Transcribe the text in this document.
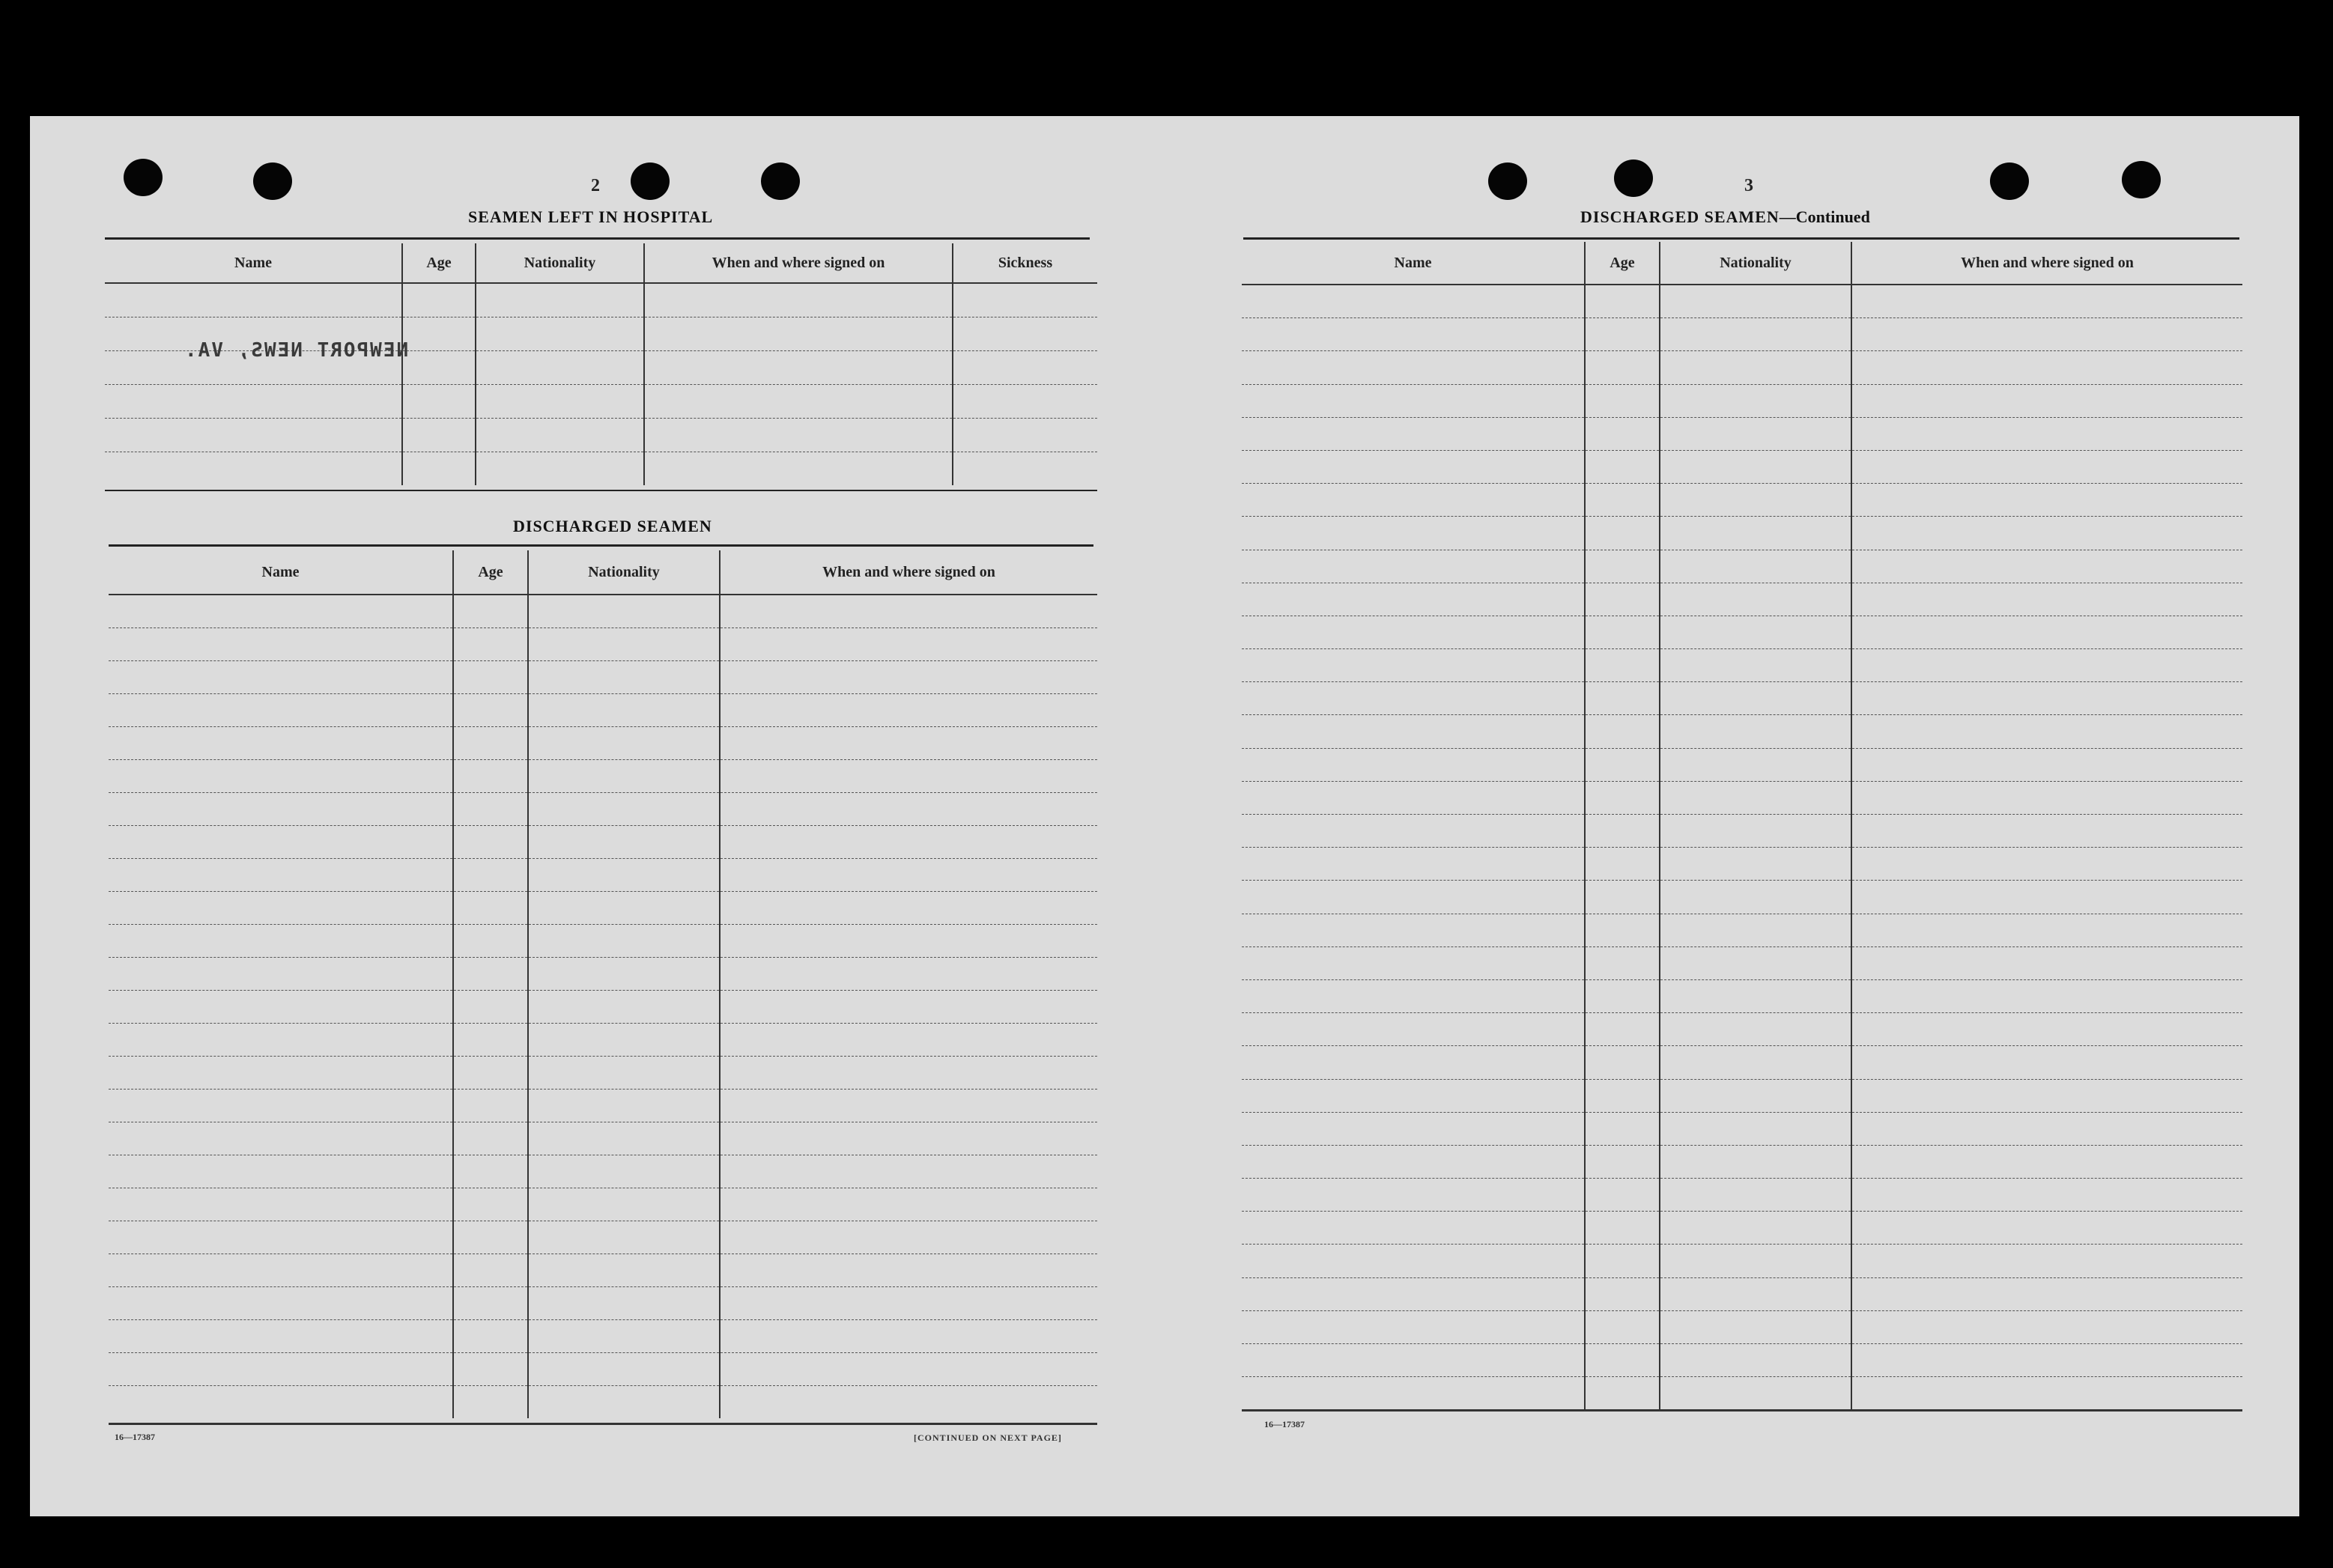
2
SEAMEN LEFT IN HOSPITAL
Name	Age	Nationality	When and where signed on	Sickness

NEWPORT NEWS, VA.
DISCHARGED SEAMEN
Name	Age	Nationality	When and where signed on

16—17387	[CONTINUED ON NEXT PAGE]
3
DISCHARGED SEAMEN—Continued
Name	Age	Nationality	When and where signed on

16—17387
